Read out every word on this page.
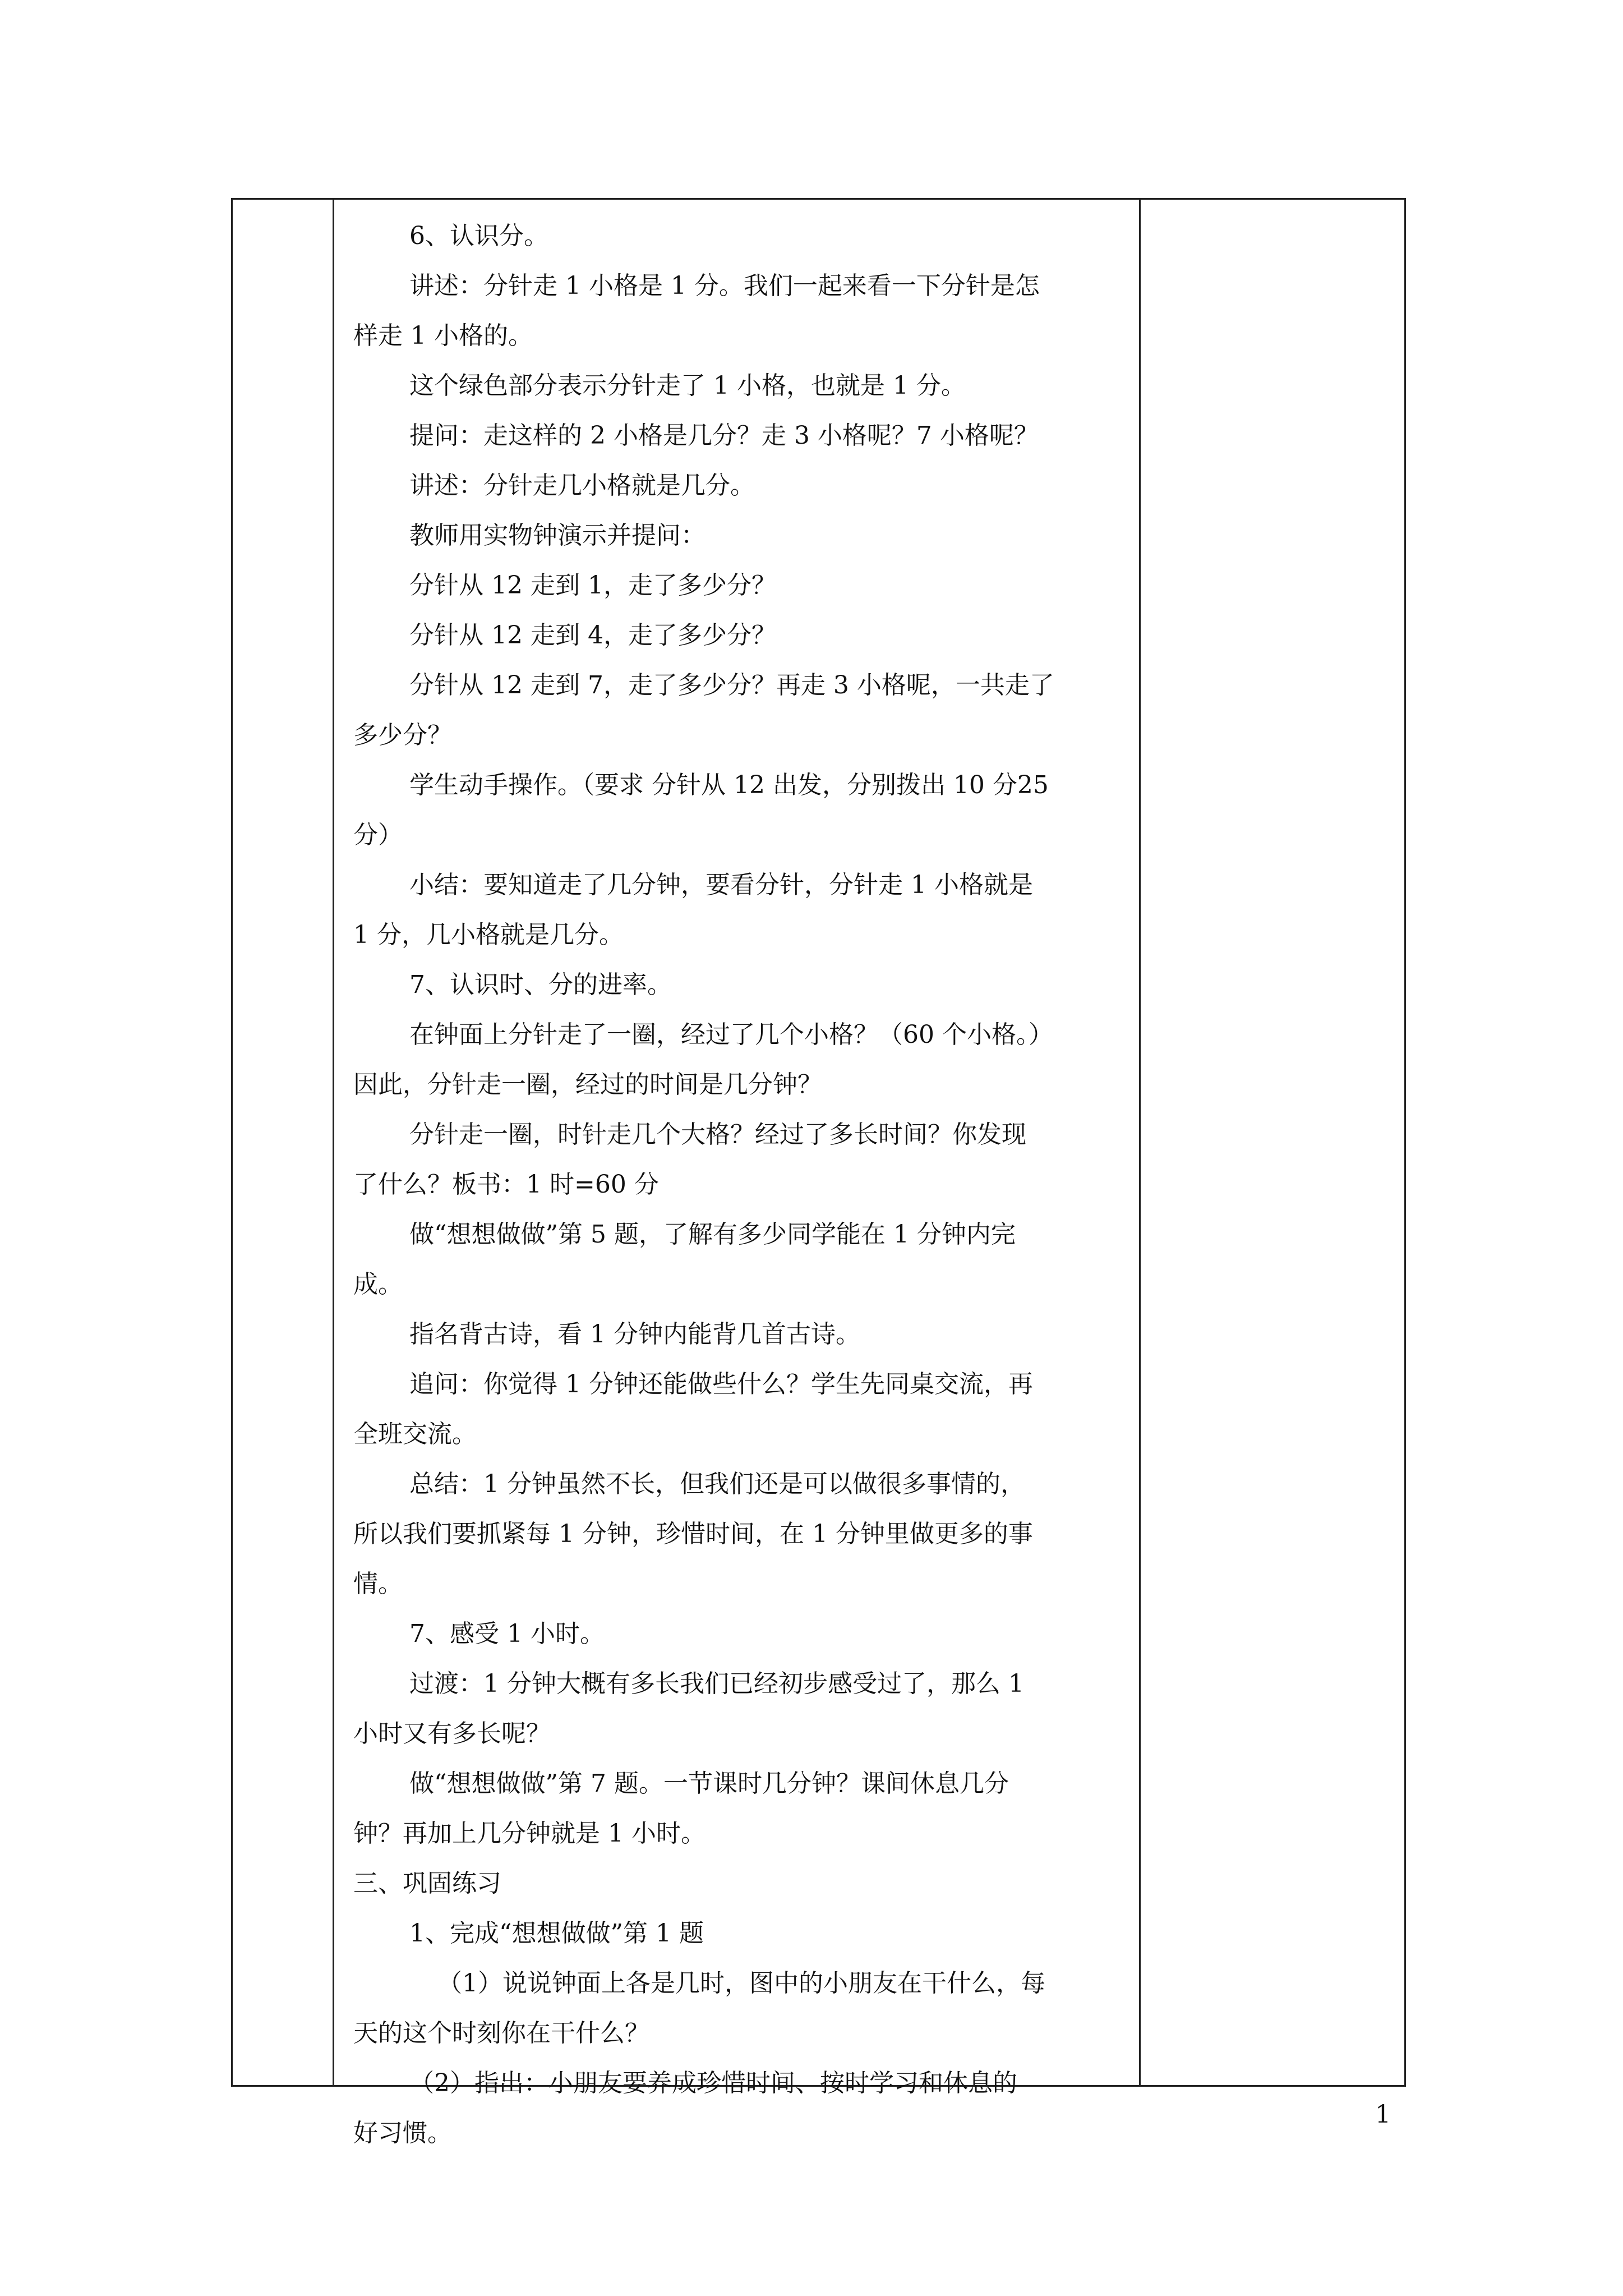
6、认识分。

讲述：分针走 1 小格是 1 分。我们一起来看一下分针是怎

样走 1 小格的。

这个绿色部分表示分针走了 1 小格，也就是 1 分。

提问：走这样的 2 小格是几分？走 3 小格呢？7 小格呢？

讲述：分针走几小格就是几分。

教师用实物钟演示并提问：

分针从 12 走到 1，走了多少分？

分针从 12 走到 4，走了多少分？

分针从 12 走到 7，走了多少分？再走 3 小格呢，一共走了

多少分？

学生动手操作。（要求 分针从 12 出发，分别拨出 10 分25

分）

小结：要知道走了几分钟，要看分针，分针走 1 小格就是

1 分，几小格就是几分。

7、认识时、分的进率。

在钟面上分针走了一圈，经过了几个小格？（60 个小格。）

因此，分针走一圈，经过的时间是几分钟？

分针走一圈，时针走几个大格？经过了多长时间？你发现

了什么？板书：1 时=60 分

做“想想做做”第 5 题，了解有多少同学能在 1 分钟内完

成。

指名背古诗，看 1 分钟内能背几首古诗。

追问：你觉得 1 分钟还能做些什么？学生先同桌交流，再

全班交流。

总结：1 分钟虽然不长，但我们还是可以做很多事情的，

所以我们要抓紧每 1 分钟，珍惜时间，在 1 分钟里做更多的事

情。

7、感受 1 小时。

过渡：1 分钟大概有多长我们已经初步感受过了，那么 1

小时又有多长呢？

做“想想做做”第 7 题。一节课时几分钟？课间休息几分

钟？再加上几分钟就是 1 小时。

三、巩固练习

1、完成“想想做做”第 1 题

（1）说说钟面上各是几时，图中的小朋友在干什么，每

天的这个时刻你在干什么？

（2）指出：小朋友要养成珍惜时间、按时学习和休息的

好习惯。

1
